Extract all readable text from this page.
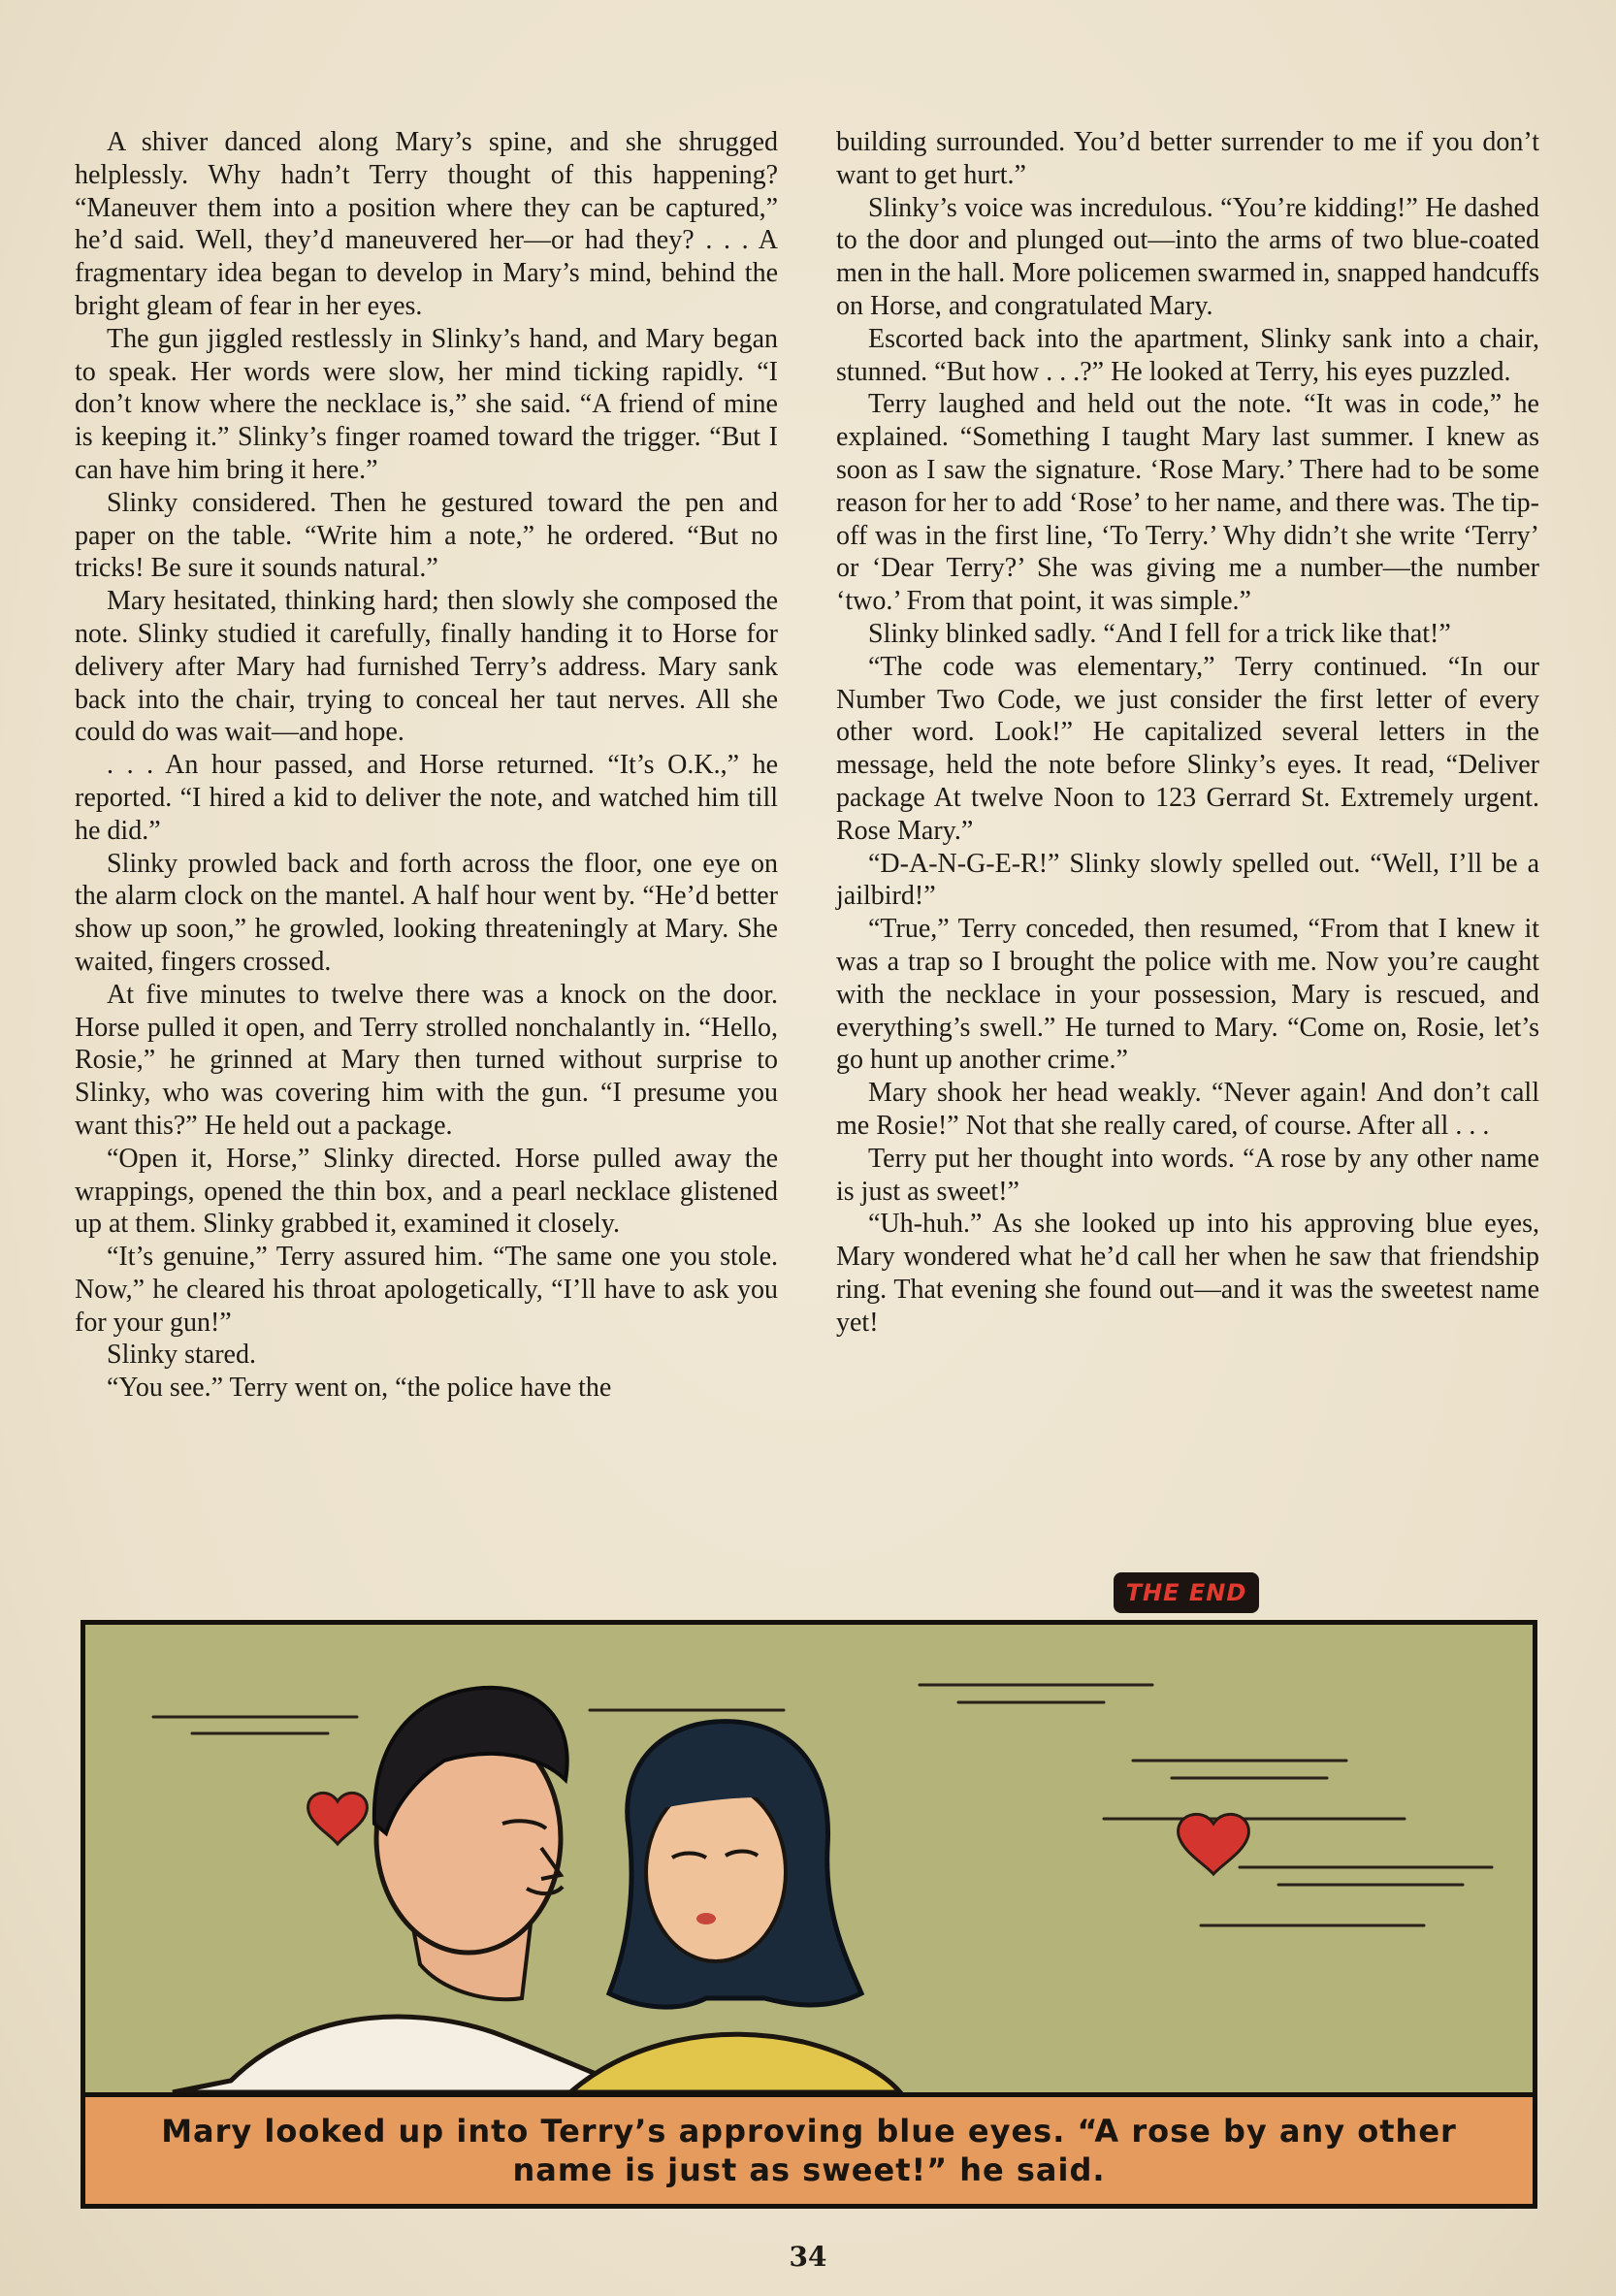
A shiver danced along Mary’s spine, and she shrugged helplessly. Why hadn’t Terry thought of this happening? “Maneuver them into a position where they can be captured,” he’d said. Well, they’d maneuvered her—or had they? . . . A fragmentary idea began to develop in Mary’s mind, behind the bright gleam of fear in her eyes.

The gun jiggled restlessly in Slinky’s hand, and Mary began to speak. Her words were slow, her mind ticking rapidly. “I don’t know where the necklace is,” she said. “A friend of mine is keeping it.” Slinky’s finger roamed toward the trigger. “But I can have him bring it here.”

Slinky considered. Then he gestured toward the pen and paper on the table. “Write him a note,” he ordered. “But no tricks! Be sure it sounds natural.”

Mary hesitated, thinking hard; then slowly she composed the note. Slinky studied it carefully, finally handing it to Horse for delivery after Mary had furnished Terry’s address. Mary sank back into the chair, trying to conceal her taut nerves. All she could do was wait—and hope.

. . . An hour passed, and Horse returned. “It’s O.K.,” he reported. “I hired a kid to deliver the note, and watched him till he did.”

Slinky prowled back and forth across the floor, one eye on the alarm clock on the mantel. A half hour went by. “He’d better show up soon,” he growled, looking threateningly at Mary. She waited, fingers crossed.

At five minutes to twelve there was a knock on the door. Horse pulled it open, and Terry strolled nonchalantly in. “Hello, Rosie,” he grinned at Mary then turned without surprise to Slinky, who was covering him with the gun. “I presume you want this?” He held out a package.

“Open it, Horse,” Slinky directed. Horse pulled away the wrappings, opened the thin box, and a pearl necklace glistened up at them. Slinky grabbed it, examined it closely.

“It’s genuine,” Terry assured him. “The same one you stole. Now,” he cleared his throat apologetically, “I’ll have to ask you for your gun!”

Slinky stared.

“You see.” Terry went on, “the police have the

building surrounded. You’d better surrender to me if you don’t want to get hurt.”

Slinky’s voice was incredulous. “You’re kidding!” He dashed to the door and plunged out—into the arms of two blue-coated men in the hall. More policemen swarmed in, snapped handcuffs on Horse, and congratulated Mary.

Escorted back into the apartment, Slinky sank into a chair, stunned. “But how . . .?” He looked at Terry, his eyes puzzled.

Terry laughed and held out the note. “It was in code,” he explained. “Something I taught Mary last summer. I knew as soon as I saw the signature. ‘Rose Mary.’ There had to be some reason for her to add ‘Rose’ to her name, and there was. The tip-off was in the first line, ‘To Terry.’ Why didn’t she write ‘Terry’ or ‘Dear Terry?’ She was giving me a number—the number ‘two.’ From that point, it was simple.”

Slinky blinked sadly. “And I fell for a trick like that!”

“The code was elementary,” Terry continued. “In our Number Two Code, we just consider the first letter of every other word. Look!” He capitalized several letters in the message, held the note before Slinky’s eyes. It read, “Deliver package At twelve Noon to 123 Gerrard St. Extremely urgent. Rose Mary.”

“D-A-N-G-E-R!” Slinky slowly spelled out. “Well, I’ll be a jailbird!”

“True,” Terry conceded, then resumed, “From that I knew it was a trap so I brought the police with me. Now you’re caught with the necklace in your possession, Mary is rescued, and everything’s swell.” He turned to Mary. “Come on, Rosie, let’s go hunt up another crime.”

Mary shook her head weakly. “Never again! And don’t call me Rosie!” Not that she really cared, of course. After all . . .

Terry put her thought into words. “A rose by any other name is just as sweet!”

“Uh-huh.” As she looked up into his approving blue eyes, Mary wondered what he’d call her when he saw that friendship ring. That evening she found out—and it was the sweetest name yet!

THE END
Mary looked up into Terry’s approving blue eyes. “A rose by any other name is just as sweet!” he said.
34
